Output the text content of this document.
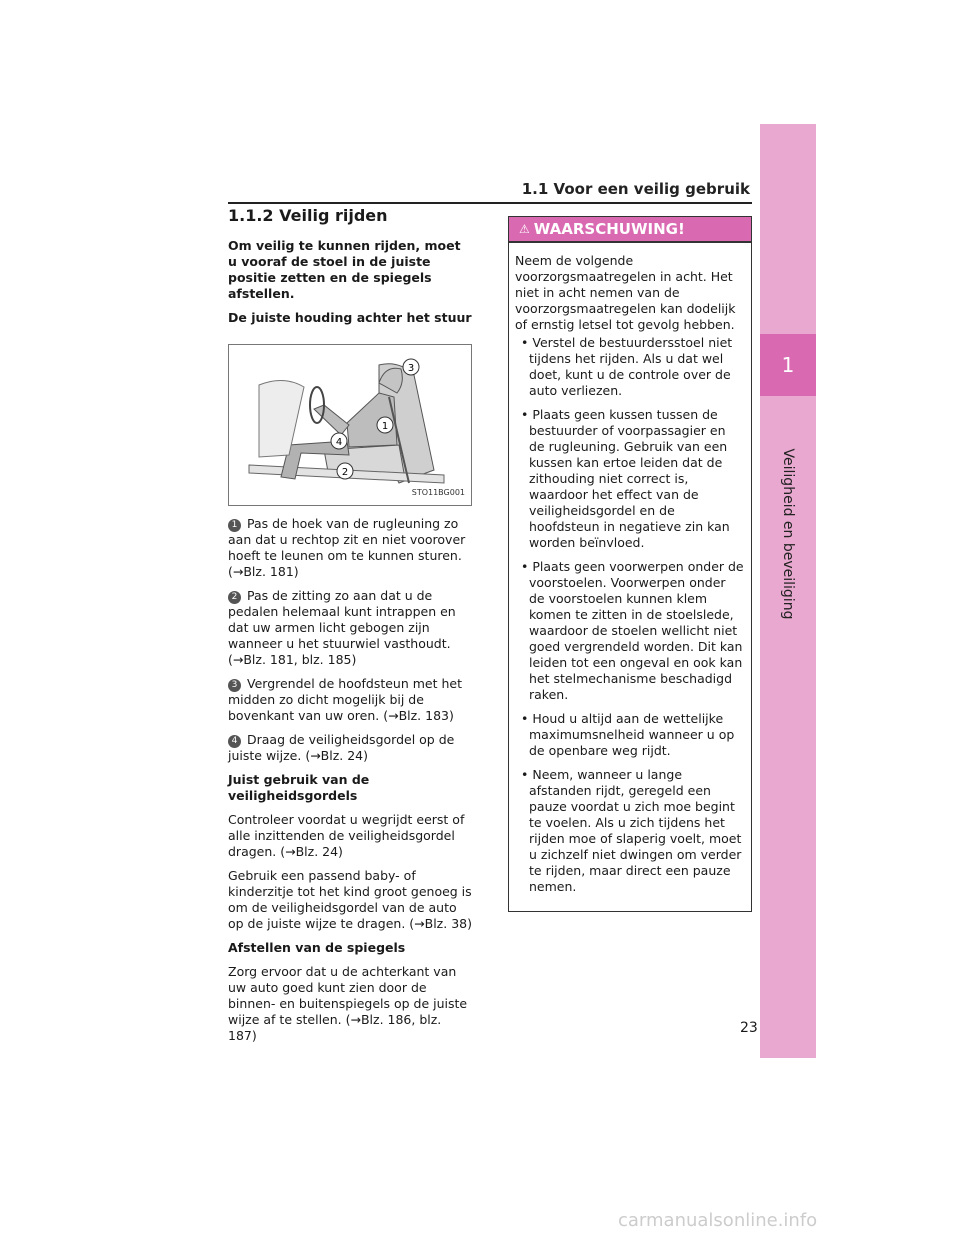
1
Veiligheid en beveiliging
1.1 Voor een veilig gebruik
1.1.2 Veilig rijden

Om veilig te kunnen rijden, moet u vooraf de stoel in de juiste positie zetten en de spiegels afstellen.

De juiste houding achter het stuur

3
1
4
2
STO11BG001
1 Pas de hoek van de rugleuning zo aan dat u rechtop zit en niet voorover hoeft te leunen om te kunnen sturen. (→Blz. 181)
2 Pas de zitting zo aan dat u de pedalen helemaal kunt intrappen en dat uw armen licht gebogen zijn wanneer u het stuurwiel vasthoudt. (→Blz. 181, blz. 185)
3 Vergrendel de hoofdsteun met het midden zo dicht mogelijk bij de bovenkant van uw oren. (→Blz. 183)
4 Draag de veiligheidsgordel op de juiste wijze. (→Blz. 24)

Juist gebruik van de veiligheidsgordels

Controleer voordat u wegrijdt eerst of alle inzittenden de veiligheidsgordel dragen. (→Blz. 24)

Gebruik een passend baby- of kinderzitje tot het kind groot genoeg is om de veiligheidsgordel van de auto op de juiste wijze te dragen. (→Blz. 38)

Afstellen van de spiegels

Zorg ervoor dat u de achterkant van uw auto goed kunt zien door de binnen- en buitenspiegels op de juiste wijze af te stellen. (→Blz. 186, blz. 187)

⚠ WAARSCHUWING!

Neem de volgende voorzorgsmaatregelen in acht. Het niet in acht nemen van de voorzorgsmaatregelen kan dodelijk of ernstig letsel tot gevolg hebben.

• Verstel de bestuurdersstoel niet tijdens het rijden. Als u dat wel doet, kunt u de controle over de auto verliezen.
• Plaats geen kussen tussen de bestuurder of voorpassagier en de rugleuning. Gebruik van een kussen kan ertoe leiden dat de zithouding niet correct is, waardoor het effect van de veiligheidsgordel en de hoofdsteun in negatieve zin kan worden beïnvloed.
• Plaats geen voorwerpen onder de voorstoelen. Voorwerpen onder de voorstoelen kunnen klem komen te zitten in de stoelslede, waardoor de stoelen wellicht niet goed vergrendeld worden. Dit kan leiden tot een ongeval en ook kan het stelmechanisme beschadigd raken.
• Houd u altijd aan de wettelijke maximumsnelheid wanneer u op de openbare weg rijdt.
• Neem, wanneer u lange afstanden rijdt, geregeld een pauze voordat u zich moe begint te voelen. Als u zich tijdens het rijden moe of slaperig voelt, moet u zichzelf niet dwingen om verder te rijden, maar direct een pauze nemen.
23
carmanualsonline.info
